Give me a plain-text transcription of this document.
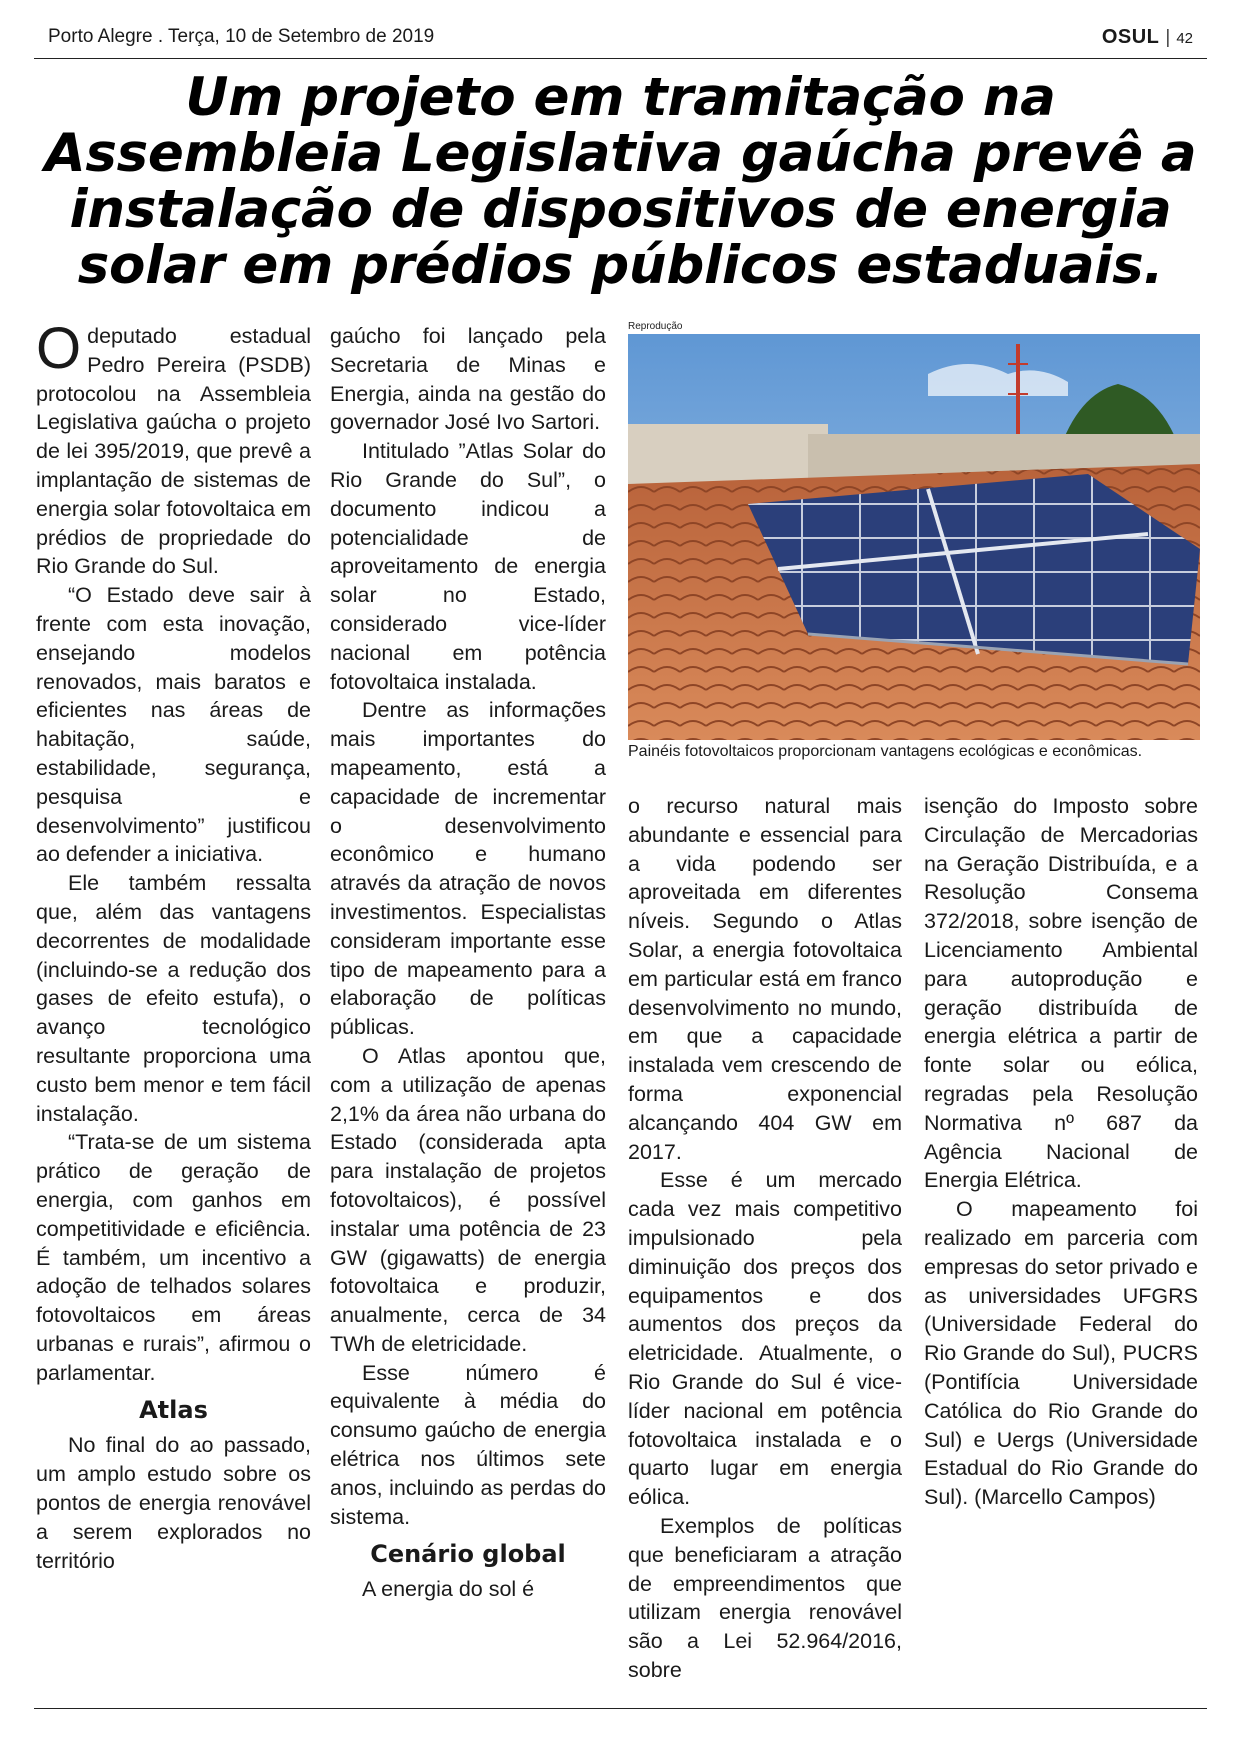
Porto Alegre . Terça, 10 de Setembro de 2019	OSUL | 42
Um projeto em tramitação na Assembleia Legislativa gaúcha prevê a instalação de dispositivos de energia solar em prédios públicos estaduais.

Odeputado estadual Pedro Pereira (PSDB) protocolou na Assembleia Legislativa gaúcha o projeto de lei 395/2019, que prevê a implantação de sistemas de energia solar fotovoltaica em prédios de propriedade do Rio Grande do Sul.

“O Estado deve sair à frente com esta inovação, ensejando modelos renovados, mais baratos e eficientes nas áreas de habitação, saúde, estabilidade, segurança, pesquisa e desenvolvimento” justificou ao defender a iniciativa.

Ele também ressalta que, além das vantagens decorrentes de modalidade (incluindo-se a redução dos gases de efeito estufa), o avanço tecnológico resultante proporciona uma custo bem menor e tem fácil instalação.

“Trata-se de um sistema prático de geração de energia, com ganhos em competitividade e eficiência. É também, um incentivo a adoção de telhados solares fotovoltaicos em áreas urbanas e rurais”, afirmou o parlamentar.

Atlas

No final do ao passado, um amplo estudo sobre os pontos de energia renovável a serem explorados no território

gaúcho foi lançado pela Secretaria de Minas e Energia, ainda na gestão do governador José Ivo Sartori.

Intitulado ”Atlas Solar do Rio Grande do Sul”, o documento indicou a potencialidade de aproveitamento de energia solar no Estado, considerado vice-líder nacional em potência fotovoltaica instalada.

Dentre as informações mais importantes do mapeamento, está a capacidade de incrementar o desenvolvimento econômico e humano através da atração de novos investimentos. Especialistas consideram importante esse tipo de mapeamento para a elaboração de políticas públicas.

O Atlas apontou que, com a utilização de apenas 2,1% da área não urbana do Estado (considerada apta para instalação de projetos fotovoltaicos), é possível instalar uma potência de 23 GW (gigawatts) de energia fotovoltaica e produzir, anualmente, cerca de 34 TWh de eletricidade.

Esse número é equivalente à média do consumo gaúcho de energia elétrica nos últimos sete anos, incluindo as perdas do sistema.

Cenário global

A energia do sol é

Reprodução
Painéis fotovoltaicos proporcionam vantagens ecológicas e econômicas.

o recurso natural mais abundante e essencial para a vida podendo ser aproveitada em diferentes níveis. Segundo o Atlas Solar, a energia fotovoltaica em particular está em franco desenvolvimento no mundo, em que a capacidade instalada vem crescendo de forma exponencial alcançando 404 GW em 2017.

Esse é um mercado cada vez mais competitivo impulsionado pela diminuição dos preços dos equipamentos e dos aumentos dos preços da eletricidade. Atualmente, o Rio Grande do Sul é vice-líder nacional em potência fotovoltaica instalada e o quarto lugar em energia eólica.

Exemplos de políticas que beneficiaram a atração de empreendimentos que utilizam energia renovável são a Lei 52.964/2016, sobre

isenção do Imposto sobre Circulação de Mercadorias na Geração Distribuída, e a Resolução Consema 372/2018, sobre isenção de Licenciamento Ambiental para autoprodução e geração distribuída de energia elétrica a partir de fonte solar ou eólica, regradas pela Resolução Normativa nº 687 da Agência Nacional de Energia Elétrica.

O mapeamento foi realizado em parceria com empresas do setor privado e as universidades UFGRS (Universidade Federal do Rio Grande do Sul), PUCRS (Pontifícia Universidade Católica do Rio Grande do Sul) e Uergs (Universidade Estadual do Rio Grande do Sul). (Marcello Campos)
